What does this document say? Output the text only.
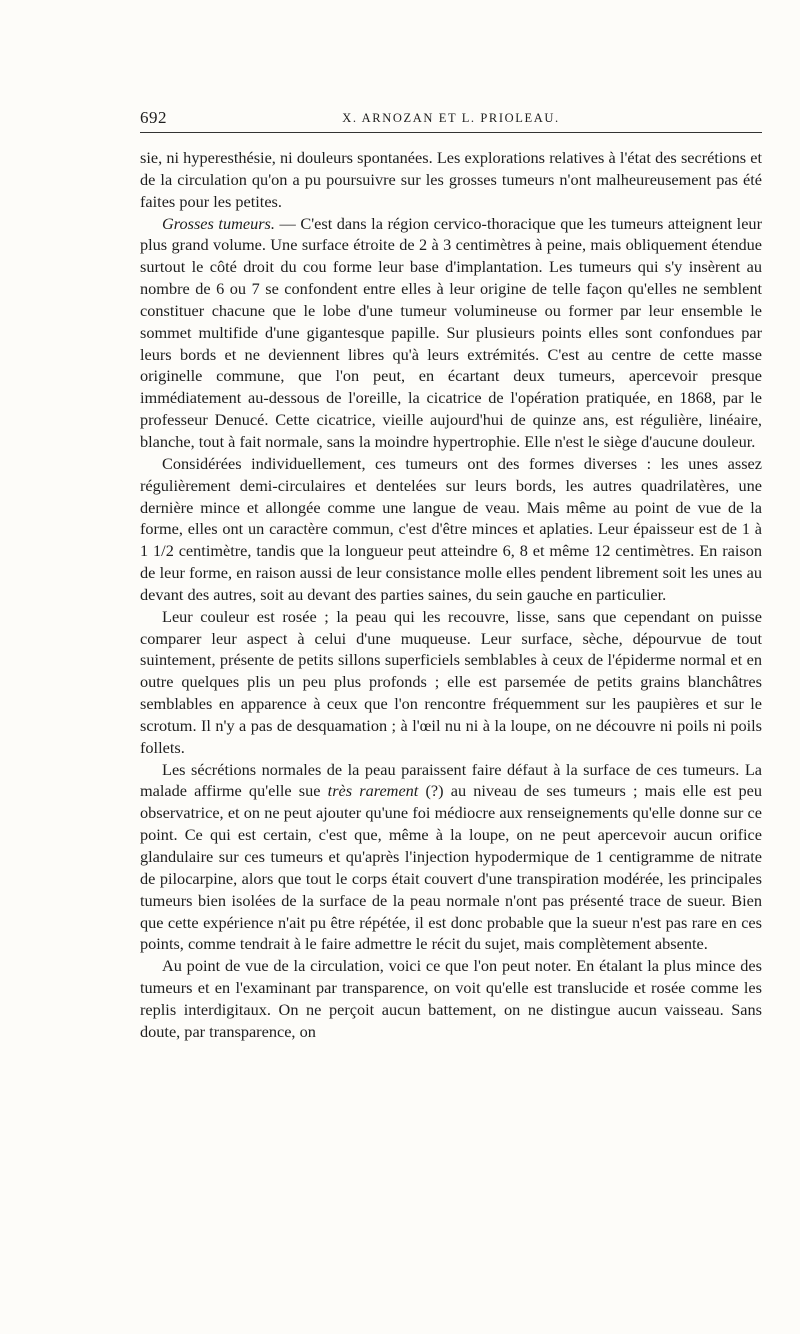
692	X. ARNOZAN ET L. PRIOLEAU.

sie, ni hyperesthésie, ni douleurs spontanées. Les explorations relatives à l'état des secrétions et de la circulation qu'on a pu poursuivre sur les grosses tumeurs n'ont malheureusement pas été faites pour les petites.

Grosses tumeurs. — C'est dans la région cervico-thoracique que les tumeurs atteignent leur plus grand volume. Une surface étroite de 2 à 3 centimètres à peine, mais obliquement étendue surtout le côté droit du cou forme leur base d'implantation. Les tumeurs qui s'y insèrent au nombre de 6 ou 7 se confondent entre elles à leur origine de telle façon qu'elles ne semblent constituer chacune que le lobe d'une tumeur volumineuse ou former par leur ensemble le sommet multifide d'une gigantesque papille. Sur plusieurs points elles sont confondues par leurs bords et ne deviennent libres qu'à leurs extrémités. C'est au centre de cette masse originelle commune, que l'on peut, en écartant deux tumeurs, apercevoir presque immédiatement au-dessous de l'oreille, la cicatrice de l'opération pratiquée, en 1868, par le professeur Denucé. Cette cicatrice, vieille aujourd'hui de quinze ans, est régulière, linéaire, blanche, tout à fait normale, sans la moindre hypertrophie. Elle n'est le siège d'aucune douleur.

Considérées individuellement, ces tumeurs ont des formes diverses : les unes assez régulièrement demi-circulaires et dentelées sur leurs bords, les autres quadrilatères, une dernière mince et allongée comme une langue de veau. Mais même au point de vue de la forme, elles ont un caractère commun, c'est d'être minces et aplaties. Leur épaisseur est de 1 à 1 1/2 centimètre, tandis que la longueur peut atteindre 6, 8 et même 12 centimètres. En raison de leur forme, en raison aussi de leur consistance molle elles pendent librement soit les unes au devant des autres, soit au devant des parties saines, du sein gauche en particulier.

Leur couleur est rosée ; la peau qui les recouvre, lisse, sans que cependant on puisse comparer leur aspect à celui d'une muqueuse. Leur surface, sèche, dépourvue de tout suintement, présente de petits sillons superficiels semblables à ceux de l'épiderme normal et en outre quelques plis un peu plus profonds ; elle est parsemée de petits grains blanchâtres semblables en apparence à ceux que l'on rencontre fréquemment sur les paupières et sur le scrotum. Il n'y a pas de desquamation ; à l'œil nu ni à la loupe, on ne découvre ni poils ni poils follets.

Les sécrétions normales de la peau paraissent faire défaut à la surface de ces tumeurs. La malade affirme qu'elle sue très rarement (?) au niveau de ses tumeurs ; mais elle est peu observatrice, et on ne peut ajouter qu'une foi médiocre aux renseignements qu'elle donne sur ce point. Ce qui est certain, c'est que, même à la loupe, on ne peut apercevoir aucun orifice glandulaire sur ces tumeurs et qu'après l'injection hypodermique de 1 centigramme de nitrate de pilocarpine, alors que tout le corps était couvert d'une transpiration modérée, les principales tumeurs bien isolées de la surface de la peau normale n'ont pas présenté trace de sueur. Bien que cette expérience n'ait pu être répétée, il est donc probable que la sueur n'est pas rare en ces points, comme tendrait à le faire admettre le récit du sujet, mais complètement absente.

Au point de vue de la circulation, voici ce que l'on peut noter. En étalant la plus mince des tumeurs et en l'examinant par transparence, on voit qu'elle est translucide et rosée comme les replis interdigitaux. On ne perçoit aucun battement, on ne distingue aucun vaisseau. Sans doute, par transparence, on
